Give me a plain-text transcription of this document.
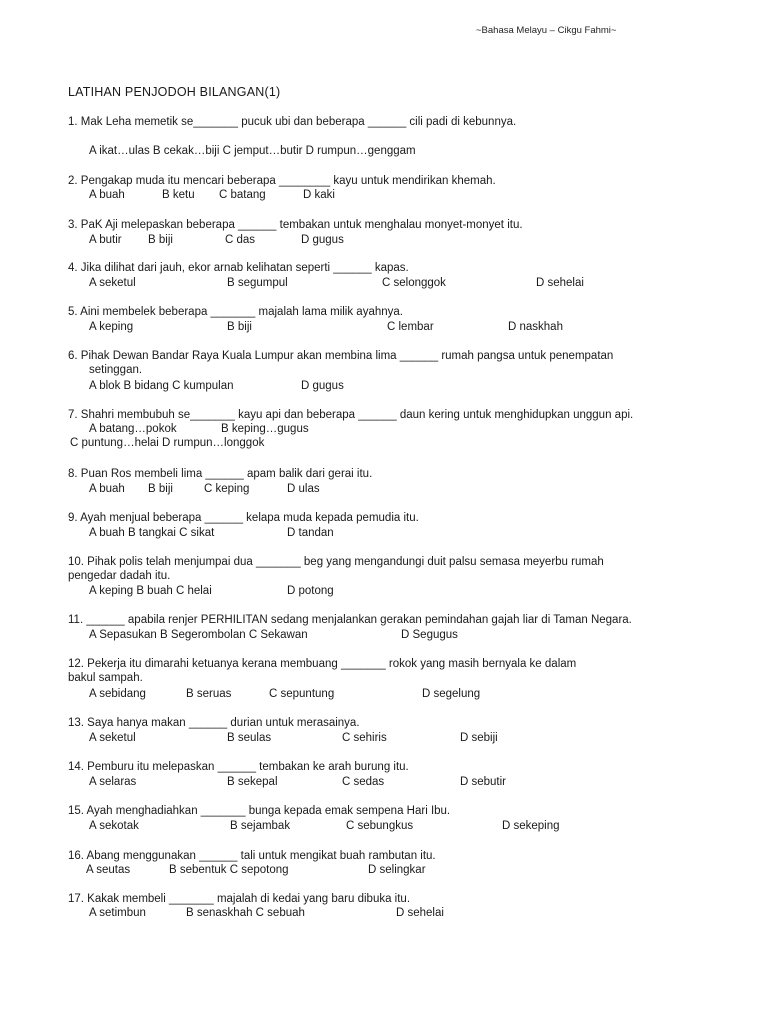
~Bahasa Melayu – Cikgu Fahmi~
LATIHAN PENJODOH BILANGAN(1)
1. Mak Leha memetik se_______ pucuk ubi dan beberapa ______ cili padi di kebunnya.
A ikat…ulas B cekak…biji C jemput…butir D rumpun…genggam
2. Pengakap muda itu mencari beberapa ________ kayu untuk mendirikan khemah.
A buah	B ketu C batang	D kaki
3. PaK Aji melepaskan beberapa ______ tembakan untuk menghalau monyet-monyet itu.
A butir B biji	C das	D gugus
4. Jika dilihat dari jauh, ekor arnab kelihatan seperti ______ kapas.
A seketul	B segumpul	C selonggok	D sehelai
5. Aini membelek beberapa _______ majalah lama milik ayahnya.
A keping	B biji	C lembar	D naskhah
6. Pihak Dewan Bandar Raya Kuala Lumpur akan membina lima ______ rumah pangsa untuk penempatan
setinggan.
A blok B bidang C kumpulan	D gugus
7. Shahri membubuh se_______ kayu api dan beberapa ______ daun kering untuk menghidupkan unggun api.
A batang…pokok	B keping…gugus
C puntung…helai D rumpun…longgok
8. Puan Ros membeli lima ______ apam balik dari gerai itu.
A buah B biji	C keping	D ulas
9. Ayah menjual beberapa ______ kelapa muda kepada pemudia itu.
A buah B tangkai C sikat	D tandan
10. Pihak polis telah menjumpai dua _______ beg yang mengandungi duit palsu semasa meyerbu rumah
pengedar dadah itu.
A keping B buah C helai	D potong
11. ______ apabila renjer PERHILITAN sedang menjalankan gerakan pemindahan gajah liar di Taman Negara.
A Sepasukan B Segerombolan C Sekawan	D Segugus
12. Pekerja itu dimarahi ketuanya kerana membuang _______ rokok yang masih bernyala ke dalam
bakul sampah.
A sebidang	B seruas	C sepuntung	D segelung
13. Saya hanya makan ______ durian untuk merasainya.
A seketul	B seulas	C sehiris	D sebiji
14. Pemburu itu melepaskan ______ tembakan ke arah burung itu.
A selaras	B sekepal	C sedas	D sebutir
15. Ayah menghadiahkan _______ bunga kepada emak sempena Hari Ibu.
A sekotak	B sejambak	C sebungkus	D sekeping
16. Abang menggunakan ______ tali untuk mengikat buah rambutan itu.
A seutas	B sebentuk C sepotong	D selingkar
17. Kakak membeli _______ majalah di kedai yang baru dibuka itu.
A setimbun	B senaskhah C sebuah	D sehelai
